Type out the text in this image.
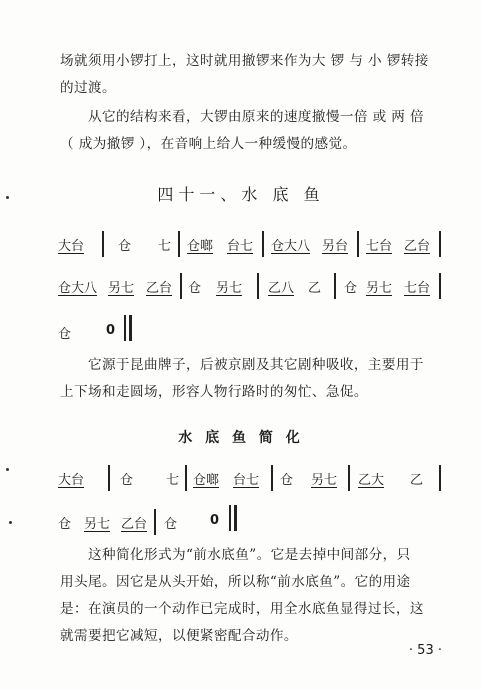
场就须用小锣打上，这时就用撤锣来作为大 锣 与 小 锣转接
的过渡。
从它的结构来看，大锣由原来的速度撤慢一倍 或 两 倍
（ 成为撤锣 ），在音响上给人一种缓慢的感觉。
四十一、水 底 鱼
大台	仓 七 仓啷 台七 仓大八 另台 七台 乙台
仓大八 另七 乙台 仓 另七 乙八 乙 仓 另七 七台
仓	0
它源于昆曲牌子，后被京剧及其它剧种吸收，主要用于
上下场和走圆场，形容人物行路时的匆忙、急促。
水 底 鱼 简 化
大台	仓	七 仓啷 台七 仓 另七 乙大 乙
仓 另七 乙台 仓	0
这种简化形式为“前水底鱼”。它是去掉中间部分，只
用头尾。因它是从头开始，所以称“前水底鱼”。它的用途
是：在演员的一个动作已完成时，用全水底鱼显得过长，这
就需要把它减短，以便紧密配合动作。
· 53 ·
